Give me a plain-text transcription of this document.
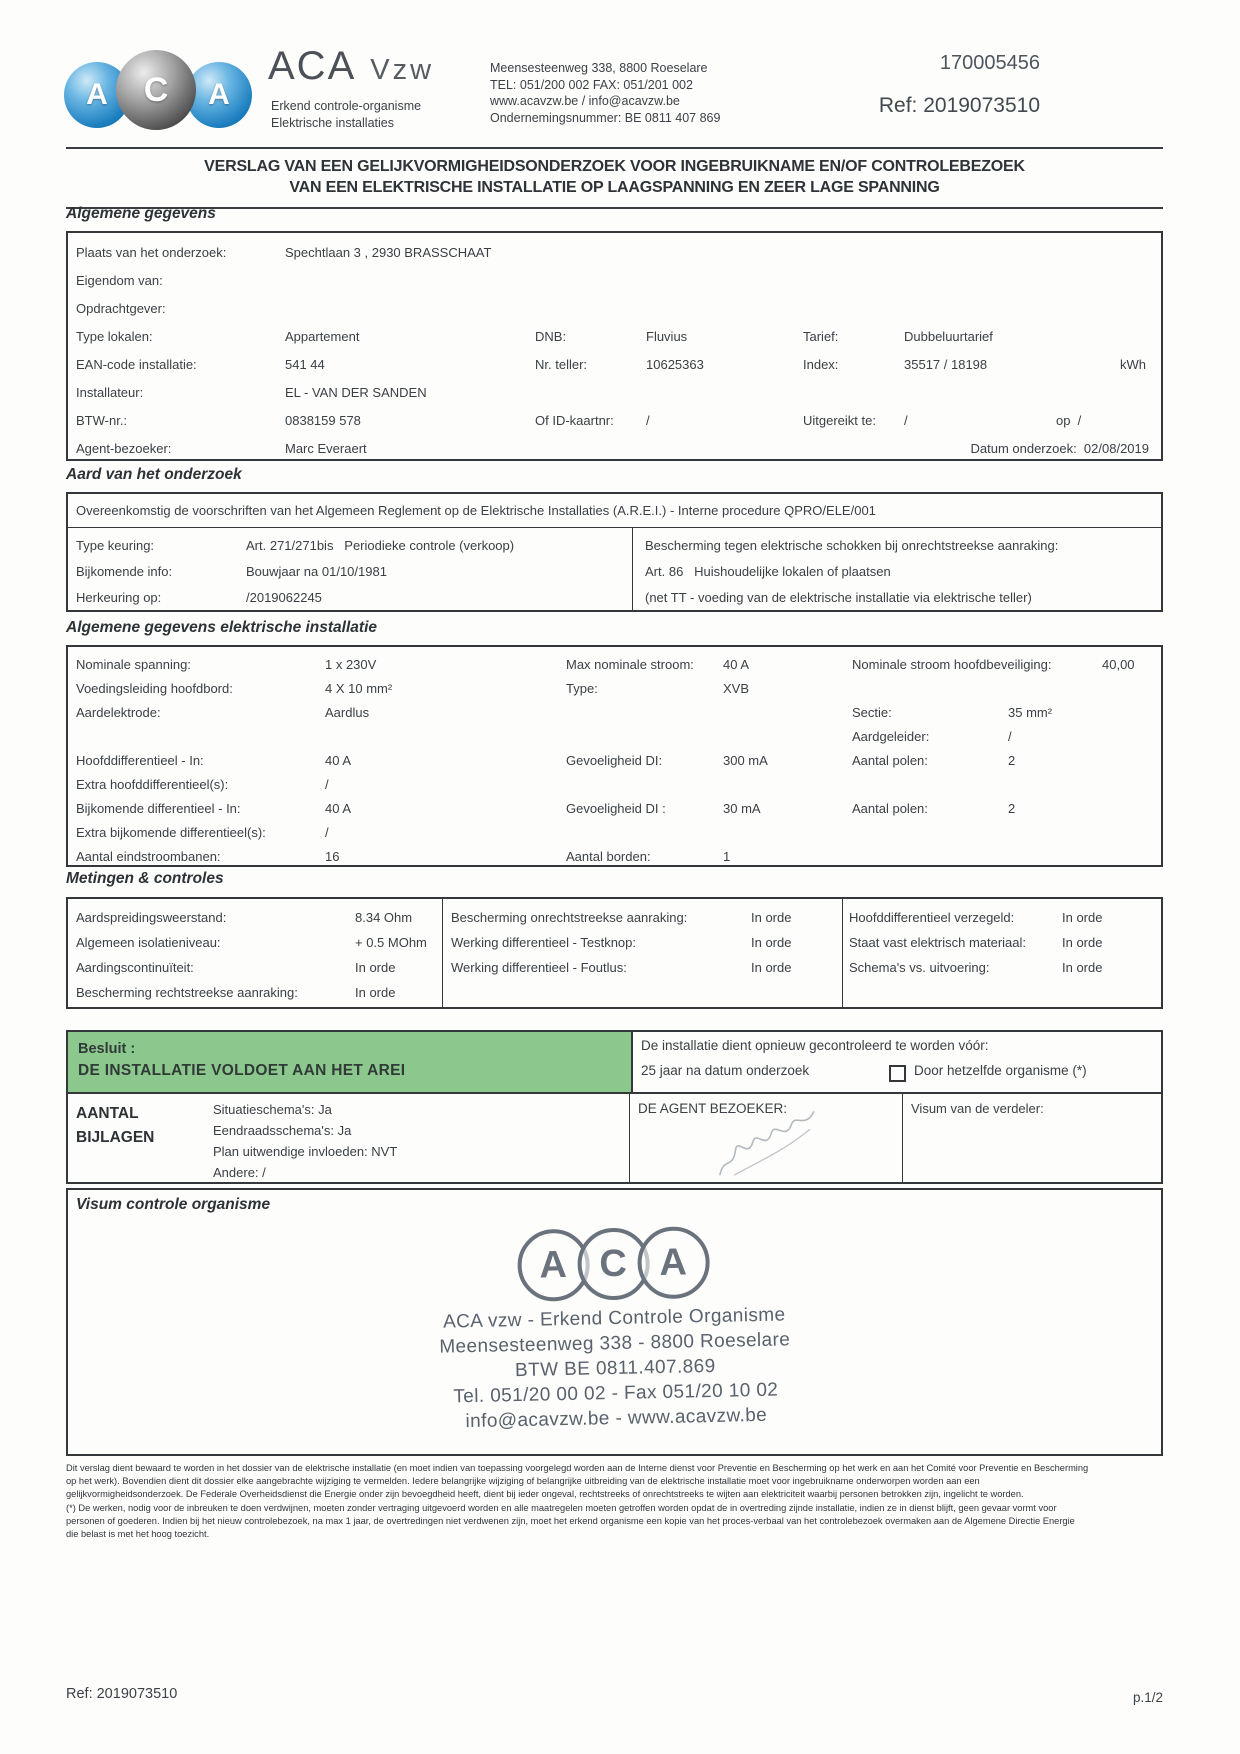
A C A
ACA Vzw
Erkend controle-organisme
Elektrische installaties
Meensesteenweg 338, 8800 Roeselare
TEL: 051/200 002 FAX: 051/201 002
www.acavzw.be / info@acavzw.be
Ondernemingsnummer: BE 0811 407 869
170005456
Ref: 2019073510
VERSLAG VAN EEN GELIJKVORMIGHEIDSONDERZOEK VOOR INGEBRUIKNAME EN/OF CONTROLEBEZOEK
VAN EEN ELEKTRISCHE INSTALLATIE OP LAAGSPANNING EN ZEER LAGE SPANNING
Algemene gegevens
Plaats van het onderzoek:	Spechtlaan 3 , 2930 BRASSCHAAT
Eigendom van:
Opdrachtgever:
Type lokalen:	Appartement	DNB:	Fluvius	Tarief:	Dubbeluurtarief
EAN-code installatie:	541 44	Nr. teller:	10625363	Index:	35517 / 18198	kWh
Installateur:	EL - VAN DER SANDEN
BTW-nr.:	0838159 578	Of ID-kaartnr: /	Uitgereikt te: /	op  /
Agent-bezoeker:	Marc Everaert	Datum onderzoek:  02/08/2019
Aard van het onderzoek
Overeenkomstig de voorschriften van het Algemeen Reglement op de Elektrische Installaties (A.R.E.I.) - Interne procedure QPRO/ELE/001
Type keuring:	Art. 271/271bis   Periodieke controle (verkoop)
Bijkomende info:	Bouwjaar na 01/10/1981
Herkeuring op:	/2019062245
Bescherming tegen elektrische schokken bij onrechtstreekse aanraking:
Art. 86   Huishoudelijke lokalen of plaatsen
(net TT - voeding van de elektrische installatie via elektrische teller)
Algemene gegevens elektrische installatie
Nominale spanning:	1 x 230V	Max nominale stroom: 40 A	Nominale stroom hoofdbeveiliging:	40,00
Voedingsleiding hoofdbord:	4 X 10 mm²	Type:	XVB
Aardelektrode:	Aardlus	Sectie:	35 mm²
Aardgeleider:	/
Hoofddifferentieel - In:	40 A	Gevoeligheid DI:	300 mA	Aantal polen:	2
Extra hoofddifferentieel(s):	/
Bijkomende differentieel - In:	40 A	Gevoeligheid DI :	30 mA	Aantal polen:	2
Extra bijkomende differentieel(s):	/
Aantal eindstroombanen:	16	Aantal borden:	1
Metingen & controles
Aardspreidingsweerstand:	8.34 Ohm
Algemeen isolatieniveau:	+ 0.5 MOhm
Aardingscontinuïteit:	In orde
Bescherming rechtstreekse aanraking:	In orde
Bescherming onrechtstreekse aanraking:	In orde
Werking differentieel - Testknop:	In orde
Werking differentieel - Foutlus:	In orde
Hoofddifferentieel verzegeld:	In orde
Staat vast elektrisch materiaal:	In orde
Schema's vs. uitvoering:	In orde
Besluit :
DE INSTALLATIE VOLDOET AAN HET AREI
De installatie dient opnieuw gecontroleerd te worden vóór:
25 jaar na datum onderzoek	Door hetzelfde organisme (*)
AANTAL
BIJLAGEN
Situatieschema's: Ja
Eendraadsschema's: Ja
Plan uitwendige invloeden: NVT
Andere: /
DE AGENT BEZOEKER:	Visum van de verdeler:
Visum controle organisme
A C A
ACA vzw - Erkend Controle Organisme
Meensesteenweg 338 - 8800 Roeselare
BTW BE 0811.407.869
Tel. 051/20 00 02 - Fax 051/20 10 02
info@acavzw.be - www.acavzw.be
Dit verslag dient bewaard te worden in het dossier van de elektrische installatie (en moet indien van toepassing voorgelegd worden aan de Interne dienst voor Preventie en Bescherming op het werk en aan het Comité voor Preventie en Bescherming
op het werk). Bovendien dient dit dossier elke aangebrachte wijziging te vermelden. Iedere belangrijke wijziging of belangrijke uitbreiding van de elektrische installatie moet voor ingebruikname onderworpen worden aan een
gelijkvormigheidsonderzoek. De Federale Overheidsdienst die Energie onder zijn bevoegdheid heeft, dient bij ieder ongeval, rechtstreeks of onrechtstreeks te wijten aan elektriciteit waarbij personen betrokken zijn, ingelicht te worden.
(*) De werken, nodig voor de inbreuken te doen verdwijnen, moeten zonder vertraging uitgevoerd worden en alle maatregelen moeten getroffen worden opdat de in overtreding zijnde installatie, indien ze in dienst blijft, geen gevaar vormt voor
personen of goederen. Indien bij het nieuw controlebezoek, na max 1 jaar, de overtredingen niet verdwenen zijn, moet het erkend organisme een kopie van het proces-verbaal van het controlebezoek overmaken aan de Algemene Directie Energie
die belast is met het hoog toezicht.
Ref: 2019073510	p.1/2
